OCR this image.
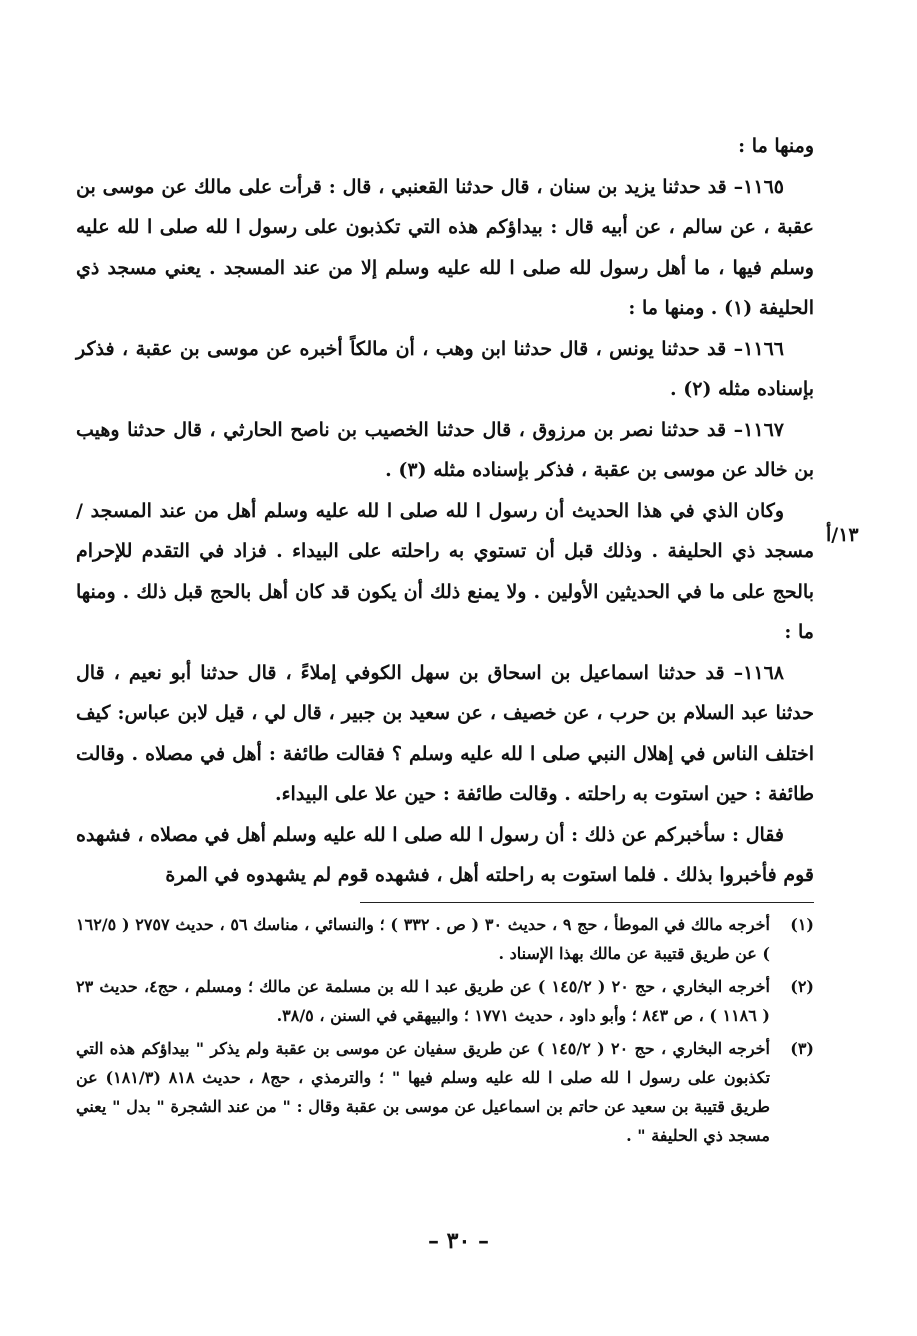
ومنها ما :

١١٦٥– قد حدثنا يزيد بن سنان ، قال حدثنا القعنبي ، قال : قرأت على مالك عن موسى بن عقبة ، عن سالم ، عن أبيه قال : بيداؤكم هذه التي تكذبون على رسول ا لله صلى ا لله عليه وسلم فيها ، ما أهل رسول لله صلى ا لله عليه وسلم إلا من عند المسجد . يعني مسجد ذي الحليفة (١) . ومنها ما :

١١٦٦– قد حدثنا يونس ، قال حدثنا ابن وهب ، أن مالكاً أخبره عن موسى بن عقبة ، فذكر بإسناده مثله (٢) .

١١٦٧– قد حدثنا نصر بن مرزوق ، قال حدثنا الخصيب بن ناصح الحارثي ، قال حدثنا وهيب بن خالد عن موسى بن عقبة ، فذكر بإسناده مثله (٣) .

وكان الذي في هذا الحديث أن رسول ا لله صلى ا لله عليه وسلم أهل من عند المسجد / مسجد ذي الحليفة . وذلك قبل أن تستوي به راحلته على البيداء . فزاد في التقدم للإحرام بالحج على ما في الحديثين الأولين . ولا يمنع ذلك أن يكون قد كان أهل بالحج قبل ذلك . ومنها ما :

١١٦٨– قد حدثنا اسماعيل بن اسحاق بن سهل الكوفي إملاءً ، قال حدثنا أبو نعيم ، قال حدثنا عبد السلام بن حرب ، عن خصيف ، عن سعيد بن جبير ، قال لي ، قيل لابن عباس: كيف اختلف الناس في إهلال النبي صلى ا لله عليه وسلم ؟ فقالت طائفة : أهل في مصلاه . وقالت طائفة : حين استوت به راحلته . وقالت طائفة : حين علا على البيداء.

فقال : سأخبركم عن ذلك : أن رسول ا لله صلى ا لله عليه وسلم أهل في مصلاه ، فشهده قوم فأخبروا بذلك . فلما استوت به راحلته أهل ، فشهده قوم لم يشهدوه في المرة

١٣/أ
(١)
أخرجه مالك في الموطأ ، حج ٩ ، حديث ٣٠ ( ص . ٣٣٢ ) ؛ والنسائي ، مناسك ٥٦ ، حديث ٢٧٥٧ ( ١٦٢/٥ ) عن طريق قتيبة عن مالك بهذا الإسناد .
(٢)
أخرجه البخاري ، حج ٢٠ ( ١٤٥/٢ ) عن طريق عبد ا لله بن مسلمة عن مالك ؛ ومسلم ، حج٤، حديث ٢٣ ( ١١٨٦ ) ، ص ٨٤٣ ؛ وأبو داود ، حديث ١٧٧١ ؛ والبيهقي في السنن ، ٣٨/٥.
(٣)
أخرجه البخاري ، حج ٢٠ ( ١٤٥/٢ ) عن طريق سفيان عن موسى بن عقبة ولم يذكر " بيداؤكم هذه التي تكذبون على رسول ا لله صلى ا لله عليه وسلم فيها " ؛ والترمذي ، حج٨ ، حديث ٨١٨ (١٨١/٣) عن طريق قتيبة بن سعيد عن حاتم بن اسماعيل عن موسى بن عقبة وقال : " من عند الشجرة " بدل " يعني مسجد ذي الحليفة " .
– ٣٠ –
